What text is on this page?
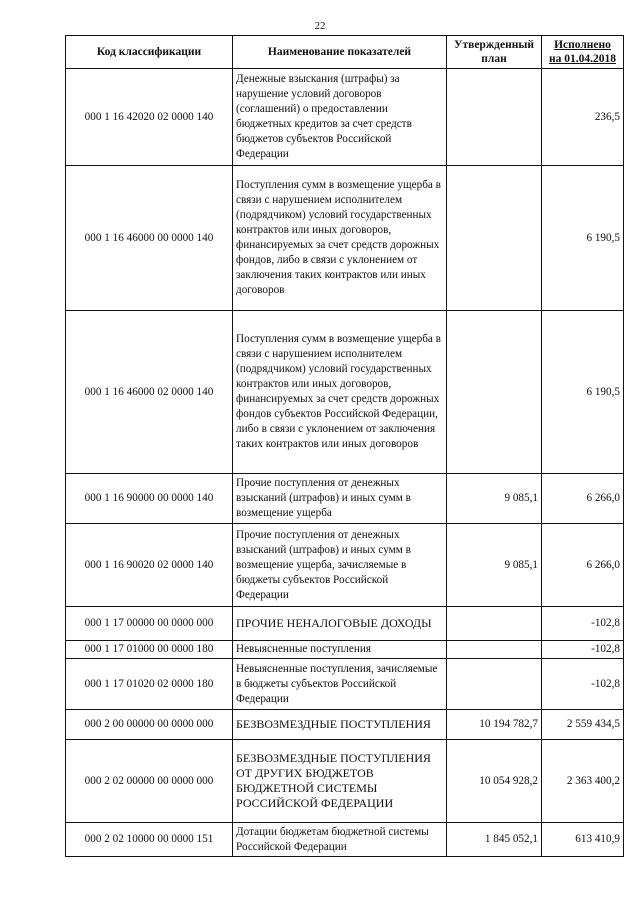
22
Код классификации	Наименование показателей	Утвержденный план	Исполнено
на 01.04.2018
000 1 16 42020 02 0000 140	Денежные взыскания (штрафы) за нарушение условий договоров (соглашений) о предоставлении бюджетных кредитов за счет средств бюджетов субъектов Российской Федерации		236,5
000 1 16 46000 00 0000 140	Поступления сумм в возмещение ущерба в связи с нарушением исполнителем (подрядчиком) условий государственных контрактов или иных договоров, финансируемых за счет средств дорожных фондов, либо в связи с уклонением от заключения таких контрактов или иных договоров		6 190,5
000 1 16 46000 02 0000 140	Поступления сумм в возмещение ущерба в связи с нарушением исполнителем (подрядчиком) условий государственных контрактов или иных договоров, финансируемых за счет средств дорожных фондов субъектов Российской Федерации, либо в связи с уклонением от заключения таких контрактов или иных договоров		6 190,5
000 1 16 90000 00 0000 140	Прочие поступления от денежных взысканий (штрафов) и иных сумм в возмещение ущерба	9 085,1	6 266,0
000 1 16 90020 02 0000 140	Прочие поступления от денежных взысканий (штрафов) и иных сумм в возмещение ущерба, зачисляемые в бюджеты субъектов Российской Федерации	9 085,1	6 266,0
000 1 17 00000 00 0000 000	ПРОЧИЕ НЕНАЛОГОВЫЕ ДОХОДЫ		-102,8
000 1 17 01000 00 0000 180	Невыясненные поступления		-102,8
000 1 17 01020 02 0000 180	Невыясненные поступления, зачисляемые в бюджеты субъектов Российской Федерации		-102,8
000 2 00 00000 00 0000 000	БЕЗВОЗМЕЗДНЫЕ ПОСТУПЛЕНИЯ	10 194 782,7	2 559 434,5
000 2 02 00000 00 0000 000	БЕЗВОЗМЕЗДНЫЕ ПОСТУПЛЕНИЯ ОТ ДРУГИХ БЮДЖЕТОВ БЮДЖЕТНОЙ СИСТЕМЫ РОССИЙСКОЙ ФЕДЕРАЦИИ	10 054 928,2	2 363 400,2
000 2 02 10000 00 0000 151	Дотации бюджетам бюджетной системы Российской Федерации	1 845 052,1	613 410,9
